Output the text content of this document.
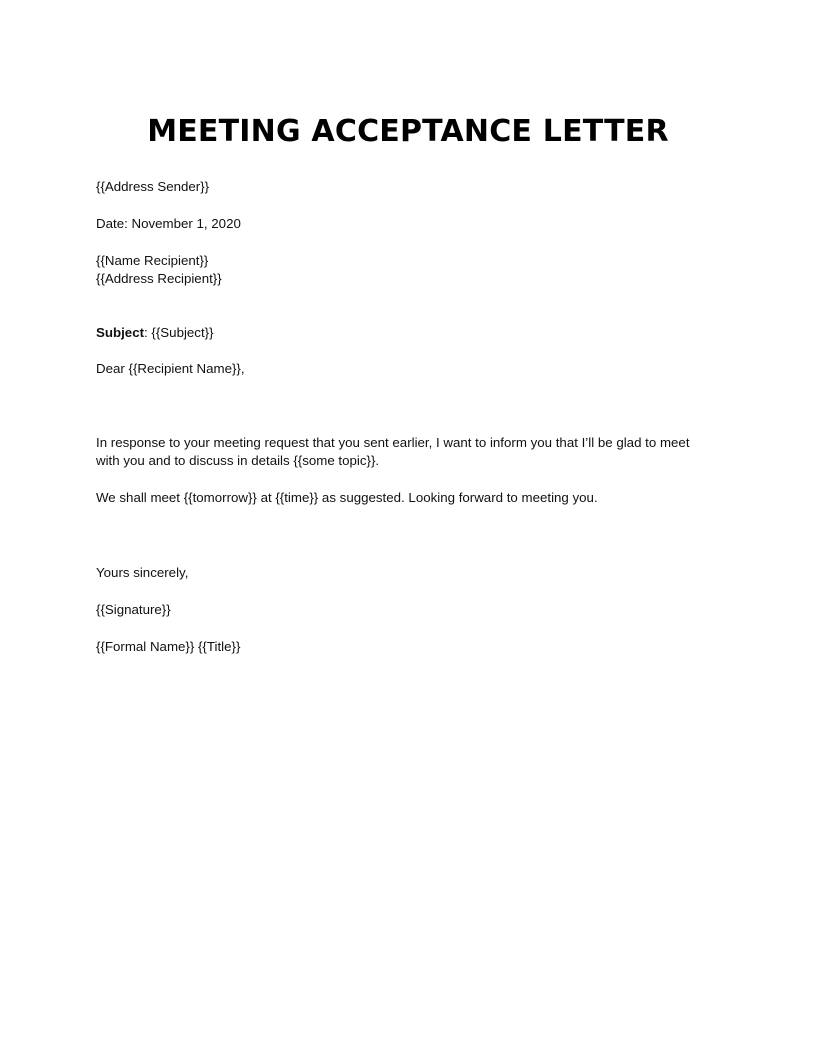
MEETING ACCEPTANCE LETTER
{{Address Sender}}
Date: November 1, 2020
{{Name Recipient}}
{{Address Recipient}}
Subject: {{Subject}}
Dear {{Recipient Name}},
In response to your meeting request that you sent earlier, I want to inform you that I’ll be glad to meet
with you and to discuss in details {{some topic}}.
We shall meet {{tomorrow}} at {{time}} as suggested. Looking forward to meeting you.
Yours sincerely,
{{Signature}}
{{Formal Name}} {{Title}}
